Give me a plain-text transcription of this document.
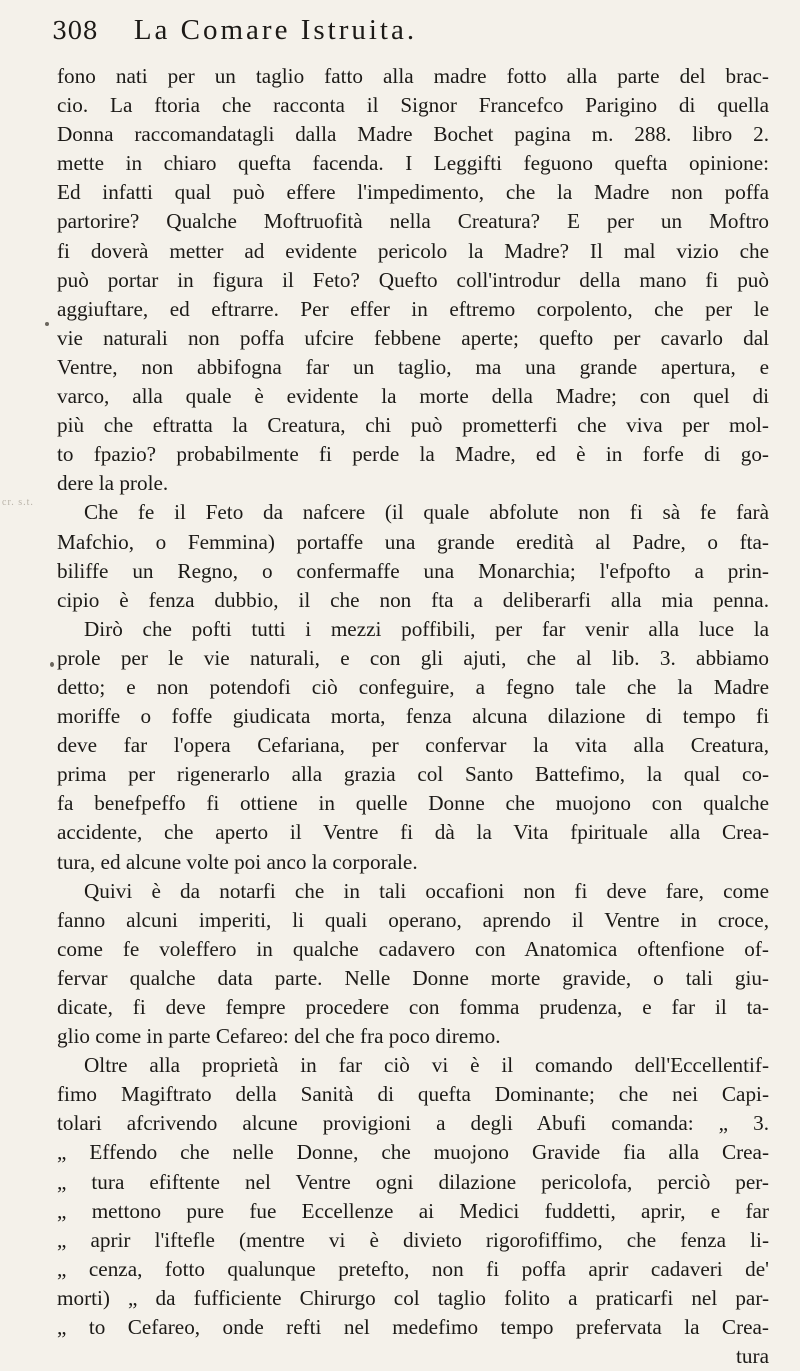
308 La Comare Istruita.
cr. s.t.
fono nati per un taglio fatto alla madre fotto alla parte del brac-
cio. La ftoria che racconta il Signor Francefco Parigino di quella
Donna raccomandatagli dalla Madre Bochet pagina m. 288. libro 2.
mette in chiaro quefta facenda. I Leggifti feguono quefta opinione:
Ed infatti qual può effere l'impedimento, che la Madre non poffa
partorire? Qualche Moftruofità nella Creatura? E per un Moftro
fi doverà metter ad evidente pericolo la Madre? Il mal vizio che
può portar in figura il Feto? Quefto coll'introdur della mano fi può
aggiuftare, ed eftrarre. Per effer in eftremo corpolento, che per le
vie naturali non poffa ufcire febbene aperte; quefto per cavarlo dal
Ventre, non abbifogna far un taglio, ma una grande apertura, e
varco, alla quale è evidente la morte della Madre; con quel di
più che eftratta la Creatura, chi può prometterfi che viva per mol-
to fpazio? probabilmente fi perde la Madre, ed è in forfe di go-
dere la prole.
Che fe il Feto da nafcere (il quale abfolute non fi sà fe farà
Mafchio, o Femmina) portaffe una grande eredità al Padre, o fta-
biliffe un Regno, o confermaffe una Monarchia; l'efpofto a prin-
cipio è fenza dubbio, il che non fta a deliberarfi alla mia penna.
Dirò che pofti tutti i mezzi poffibili, per far venir alla luce la
prole per le vie naturali, e con gli ajuti, che al lib. 3. abbiamo
detto; e non potendofi ciò confeguire, a fegno tale che la Madre
moriffe o foffe giudicata morta, fenza alcuna dilazione di tempo fi
deve far l'opera Cefariana, per confervar la vita alla Creatura,
prima per rigenerarlo alla grazia col Santo Battefimo, la qual co-
fa benefpeffo fi ottiene in quelle Donne che muojono con qualche
accidente, che aperto il Ventre fi dà la Vita fpirituale alla Crea-
tura, ed alcune volte poi anco la corporale.
Quivi è da notarfi che in tali occafioni non fi deve fare, come
fanno alcuni imperiti, li quali operano, aprendo il Ventre in croce,
come fe voleffero in qualche cadavero con Anatomica oftenfione of-
fervar qualche data parte. Nelle Donne morte gravide, o tali giu-
dicate, fi deve fempre procedere con fomma prudenza, e far il ta-
glio come in parte Cefareo: del che fra poco diremo.
Oltre alla proprietà in far ciò vi è il comando dell'Eccellentif-
fimo Magiftrato della Sanità di quefta Dominante; che nei Capi-
tolari afcrivendo alcune provigioni a degli Abufi comanda: „ 3.
„ Effendo che nelle Donne, che muojono Gravide fia alla Crea-
„ tura efiftente nel Ventre ogni dilazione pericolofa, perciò per-
„ mettono pure fue Eccellenze ai Medici fuddetti, aprir, e far
„ aprir l'iftefle (mentre vi è divieto rigorofiffimo, che fenza li-
„ cenza, fotto qualunque pretefto, non fi poffa aprir cadaveri de'
morti) „ da fufficiente Chirurgo col taglio folito a praticarfi nel par-
„ to Cefareo, onde refti nel medefimo tempo prefervata la Crea-
tura
